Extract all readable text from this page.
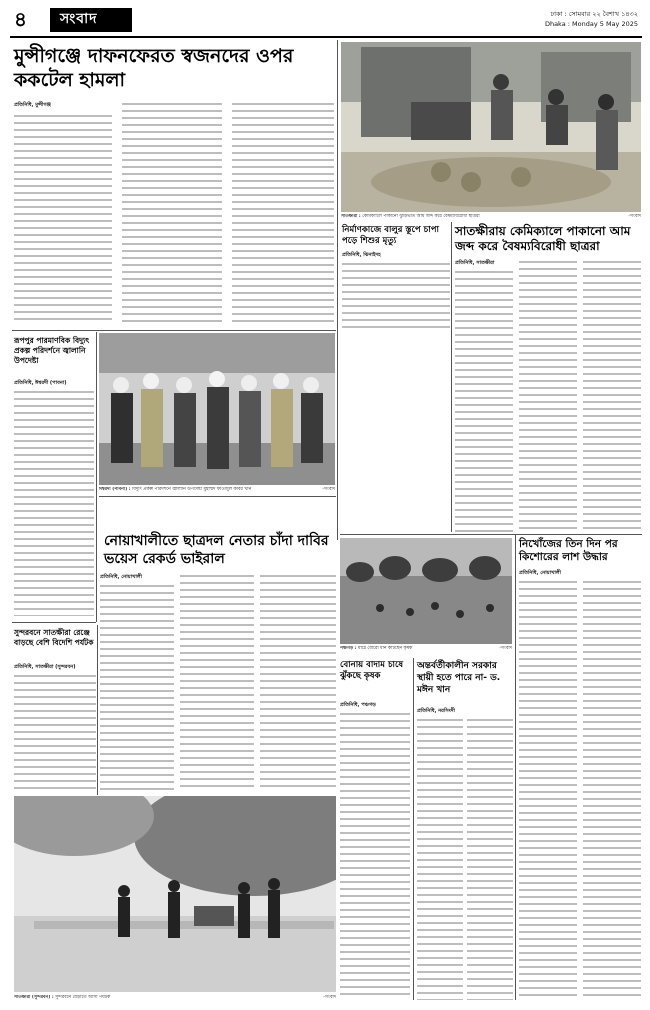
৪ সংবাদ	ঢাকা : সোমবার ২২ বৈশাখ ১৪৩২
Dhaka : Monday 5 May 2025
মুন্সীগঞ্জে দাফনফেরত স্বজনদের ওপর ককটেল হামলা
প্রতিনিধি, মুন্সীগঞ্জ
সাতক্ষীরা : কেমিক্যালে পাকানো ঝুড়িভর্তি আম জব্দ করে বৈষম্যবিরোধী ছাত্ররা	-সংবাদ
নির্মাণকাজে বালুর স্তূপে চাপা পড়ে শিশুর মৃত্যু
প্রতিনিধি, ঝিনাইদহ
সাতক্ষীরায় কেমিক্যালে পাকানো আম জব্দ করে বৈষম্যবিরোধী ছাত্ররা
প্রতিনিধি, সাতক্ষীরা
রূপপুর পারমাণবিক বিদ্যুৎ প্রকল্প পরিদর্শনে জ্বালানি উপদেষ্টা
প্রতিনিধি, ঈশ্বরদী (পাবনা)
ঈশ্বরদী (পাবনা) : বিদ্যুৎ প্রকল্প পরিদর্শনে জ্বালানি উপদেষ্টা মুহাম্মদ ফাওজুল কবির খান	-সংবাদ
নোয়াখালীতে ছাত্রদল নেতার চাঁদা দাবির ভয়েস রেকর্ড ভাইরাল
প্রতিনিধি, নোয়াখালী
সুন্দরবনে সাতক্ষীরা রেঞ্জে বাড়ছে বেশি বিদেশি পর্যটক
প্রতিনিধি, সাতক্ষীরা (সুন্দরবন)
সাতক্ষীরা (সুন্দরবন) : সুন্দরবনে বেড়াতে আসা পর্যটক	-সংবাদ
নিখোঁজের তিন দিন পর কিশোরের লাশ উদ্ধার
প্রতিনিধি, নোয়াখালী
পঞ্চগড় : মাঠে বোরো ধান কাটছেন কৃষক	-সংবাদ
বোনায় বাদাম চাষে ঝুঁকছে কৃষক
প্রতিনিধি, পঞ্চগড়
অন্তর্বর্তীকালীন সরকার স্থায়ী হতে পারে না- ড. মঈন খান
প্রতিনিধি, নরসিংদী
